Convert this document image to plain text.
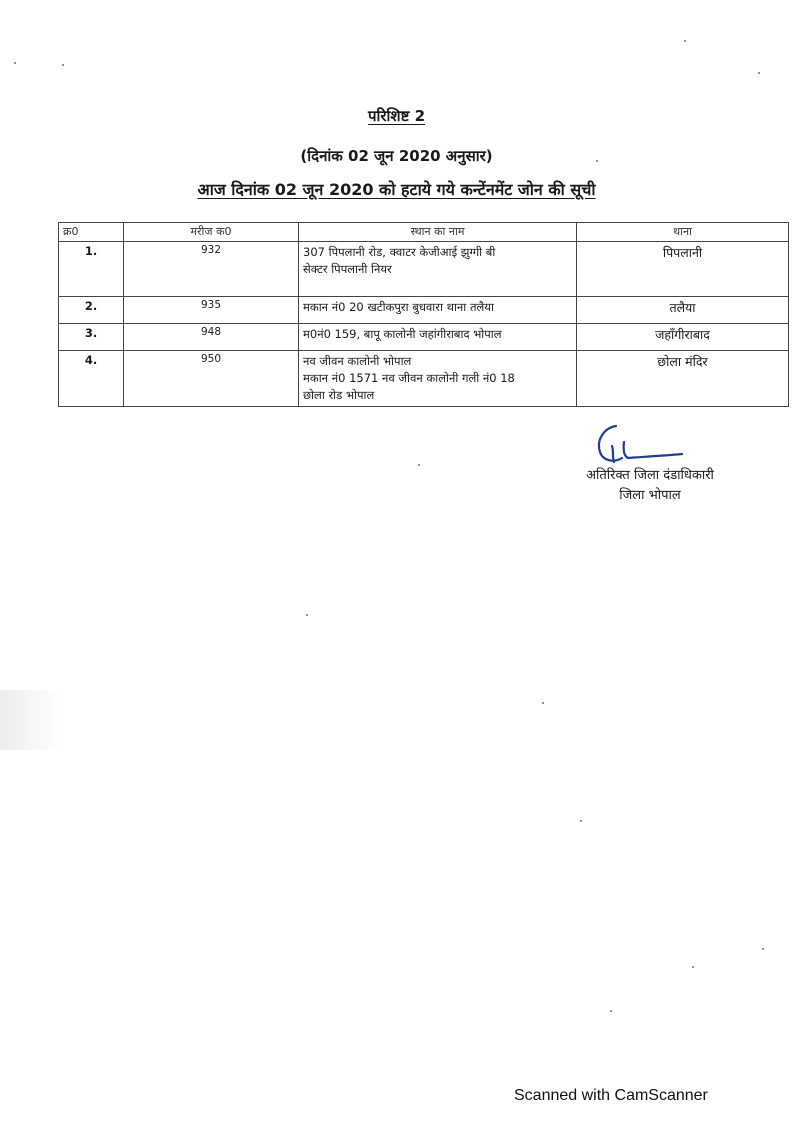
परिशिष्ट 2
(दिनांक 02 जून 2020 अनुसार)
आज दिनांक 02 जून 2020 को हटाये गये कन्टेंनमेंट जोन की सूची
क्र0	मरीज क0	स्थान का नाम	थाना
1.	932	307 पिपलानी रोड, क्वाटर केजीआई झुग्गी बी
सेक्टर पिपलानी नियर	पिपलानी
2.	935	मकान नं0 20 खटीकपुरा बुधवारा थाना तलैया	तलैया
3.	948	म0नं0 159, बापू कालोनी जहांगीराबाद भोपाल	जहाँगीराबाद
4.	950	नव जीवन कालोनी भोपाल
मकान नं0 1571 नव जीवन कालोनी गली नं0 18
छोला रोड भोपाल	छोला मंदिर
अतिरिक्त जिला दंडाधिकारी
जिला भोपाल
Scanned with CamScanner
